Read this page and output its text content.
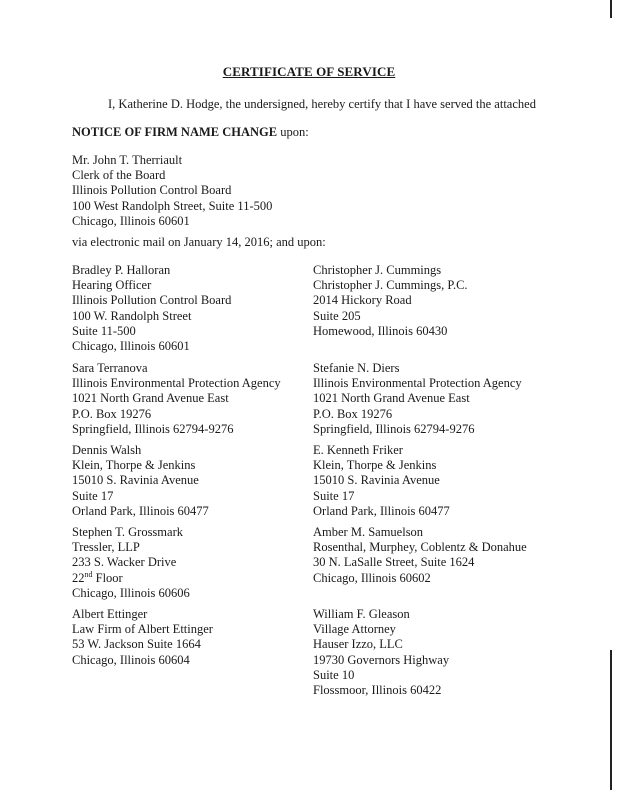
CERTIFICATE OF SERVICE
I, Katherine D. Hodge, the undersigned, hereby certify that I have served the attached
NOTICE OF FIRM NAME CHANGE upon:
Mr. John T. Therriault
Clerk of the Board
Illinois Pollution Control Board
100 West Randolph Street, Suite 11-500
Chicago, Illinois 60601
via electronic mail on January 14, 2016; and upon:
Bradley P. Halloran
Hearing Officer
Illinois Pollution Control Board
100 W. Randolph Street
Suite 11-500
Chicago, Illinois 60601
Christopher J. Cummings
Christopher J. Cummings, P.C.
2014 Hickory Road
Suite 205
Homewood, Illinois 60430
Sara Terranova
Illinois Environmental Protection Agency
1021 North Grand Avenue East
P.O. Box 19276
Springfield, Illinois 62794-9276
Stefanie N. Diers
Illinois Environmental Protection Agency
1021 North Grand Avenue East
P.O. Box 19276
Springfield, Illinois 62794-9276
Dennis Walsh
Klein, Thorpe & Jenkins
15010 S. Ravinia Avenue
Suite 17
Orland Park, Illinois 60477
E. Kenneth Friker
Klein, Thorpe & Jenkins
15010 S. Ravinia Avenue
Suite 17
Orland Park, Illinois 60477
Stephen T. Grossmark
Tressler, LLP
233 S. Wacker Drive
22nd Floor
Chicago, Illinois 60606
Amber M. Samuelson
Rosenthal, Murphey, Coblentz & Donahue
30 N. LaSalle Street, Suite 1624
Chicago, Illinois 60602
Albert Ettinger
Law Firm of Albert Ettinger
53 W. Jackson Suite 1664
Chicago, Illinois 60604
William F. Gleason
Village Attorney
Hauser Izzo, LLC
19730 Governors Highway
Suite 10
Flossmoor, Illinois 60422
